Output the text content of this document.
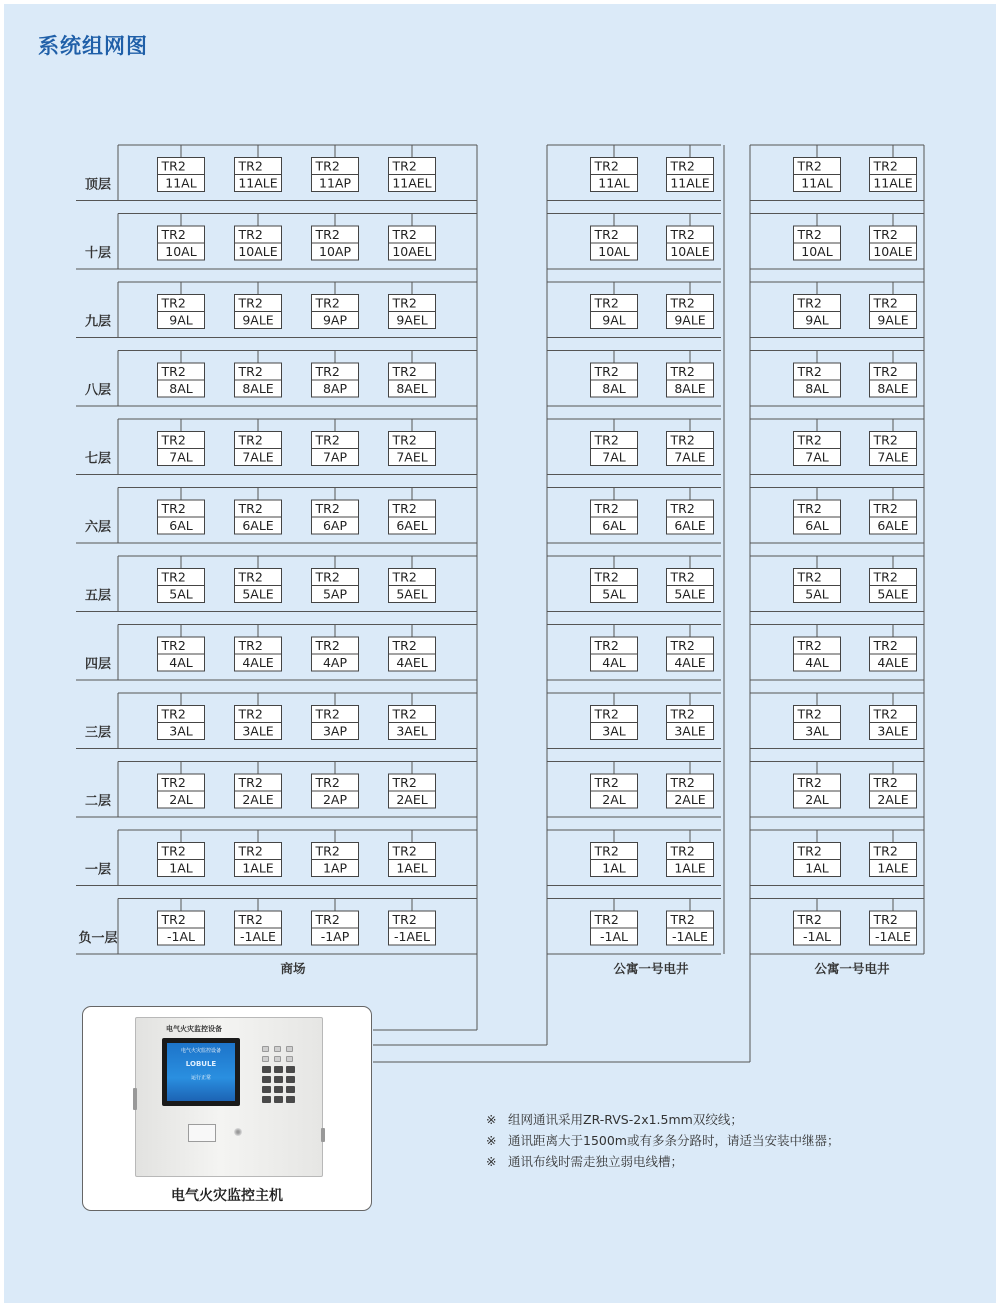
系统组网图
顶层
十层
九层
八层
七层
六层
五层
四层
三层
二层
一层
负一层
TR2
11AL
TR2
11ALE
TR2
11AP
TR2
11AEL
TR2
11AL
TR2
11ALE
TR2
11AL
TR2
11ALE
TR2
10AL
TR2
10ALE
TR2
10AP
TR2
10AEL
TR2
10AL
TR2
10ALE
TR2
10AL
TR2
10ALE
TR2
9AL
TR2
9ALE
TR2
9AP
TR2
9AEL
TR2
9AL
TR2
9ALE
TR2
9AL
TR2
9ALE
TR2
8AL
TR2
8ALE
TR2
8AP
TR2
8AEL
TR2
8AL
TR2
8ALE
TR2
8AL
TR2
8ALE
TR2
7AL
TR2
7ALE
TR2
7AP
TR2
7AEL
TR2
7AL
TR2
7ALE
TR2
7AL
TR2
7ALE
TR2
6AL
TR2
6ALE
TR2
6AP
TR2
6AEL
TR2
6AL
TR2
6ALE
TR2
6AL
TR2
6ALE
TR2
5AL
TR2
5ALE
TR2
5AP
TR2
5AEL
TR2
5AL
TR2
5ALE
TR2
5AL
TR2
5ALE
TR2
4AL
TR2
4ALE
TR2
4AP
TR2
4AEL
TR2
4AL
TR2
4ALE
TR2
4AL
TR2
4ALE
TR2
3AL
TR2
3ALE
TR2
3AP
TR2
3AEL
TR2
3AL
TR2
3ALE
TR2
3AL
TR2
3ALE
TR2
2AL
TR2
2ALE
TR2
2AP
TR2
2AEL
TR2
2AL
TR2
2ALE
TR2
2AL
TR2
2ALE
TR2
1AL
TR2
1ALE
TR2
1AP
TR2
1AEL
TR2
1AL
TR2
1ALE
TR2
1AL
TR2
1ALE
TR2
-1AL
TR2
-1ALE
TR2
-1AP
TR2
-1AEL
TR2
-1AL
TR2
-1ALE
TR2
-1AL
TR2
-1ALE
商场	公寓一号电井	公寓一号电井
电气火灾监控设备
电气火灾监控设备
LOBULE
运行正常
电气火灾监控主机
※ 组网通讯采用ZR-RVS-2x1.5mm双绞线；
※ 通讯距离大于1500m或有多条分路时，请适当安装中继器；
※ 通讯布线时需走独立弱电线槽；
